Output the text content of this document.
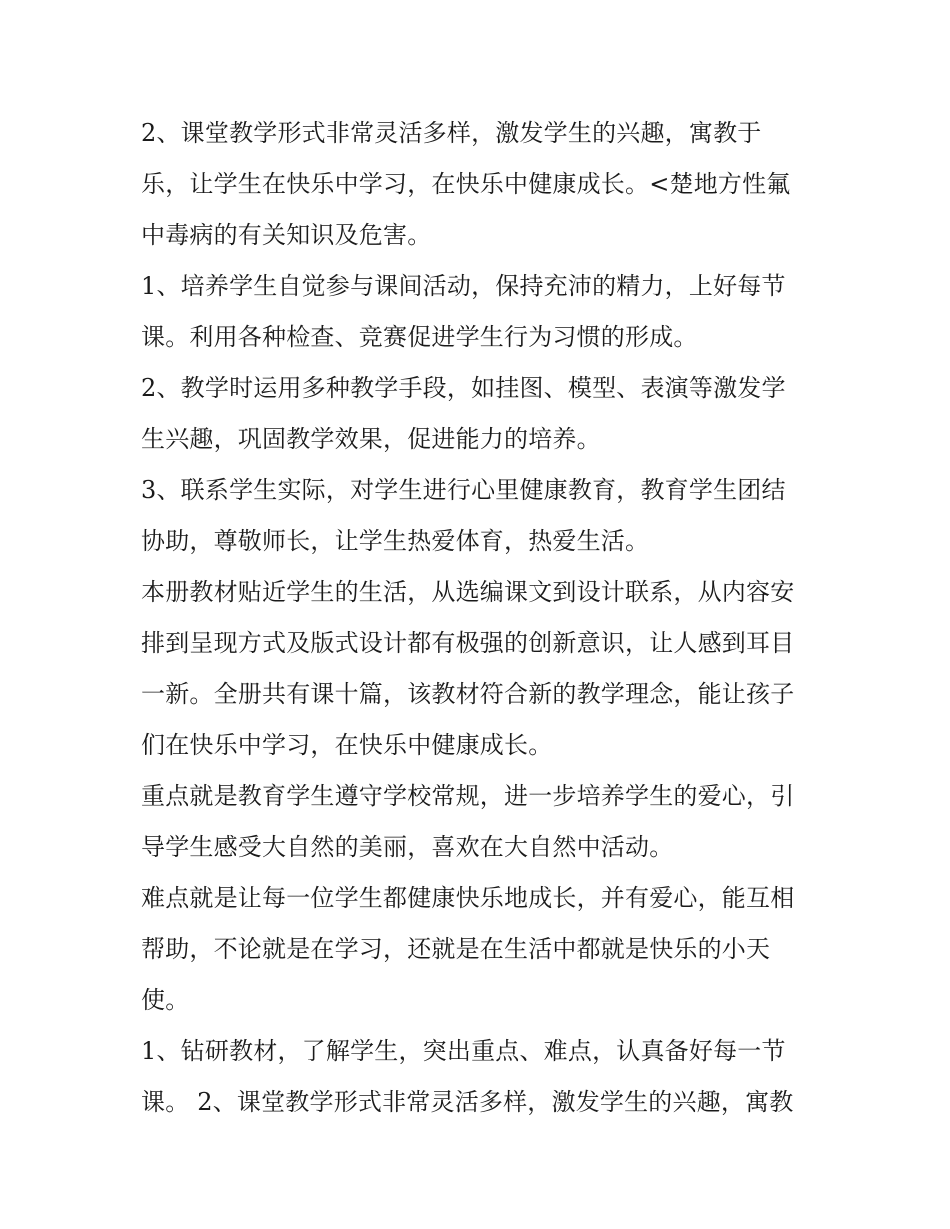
2、课堂教学形式非常灵活多样，激发学生的兴趣，寓教于
乐，让学生在快乐中学习，在快乐中健康成长。<楚地方性氟
中毒病的有关知识及危害。
1、培养学生自觉参与课间活动，保持充沛的精力，上好每节
课。利用各种检查、竞赛促进学生行为习惯的形成。
2、教学时运用多种教学手段，如挂图、模型、表演等激发学
生兴趣，巩固教学效果，促进能力的培养。
3、联系学生实际，对学生进行心里健康教育，教育学生团结
协助，尊敬师长，让学生热爱体育，热爱生活。
本册教材贴近学生的生活，从选编课文到设计联系，从内容安
排到呈现方式及版式设计都有极强的创新意识，让人感到耳目
一新。全册共有课十篇，该教材符合新的教学理念，能让孩子
们在快乐中学习，在快乐中健康成长。
重点就是教育学生遵守学校常规，进一步培养学生的爱心，引
导学生感受大自然的美丽，喜欢在大自然中活动。
难点就是让每一位学生都健康快乐地成长，并有爱心，能互相
帮助，不论就是在学习，还就是在生活中都就是快乐的小天
使。
1、钻研教材，了解学生，突出重点、难点，认真备好每一节
课。 2、课堂教学形式非常灵活多样，激发学生的兴趣，寓教
